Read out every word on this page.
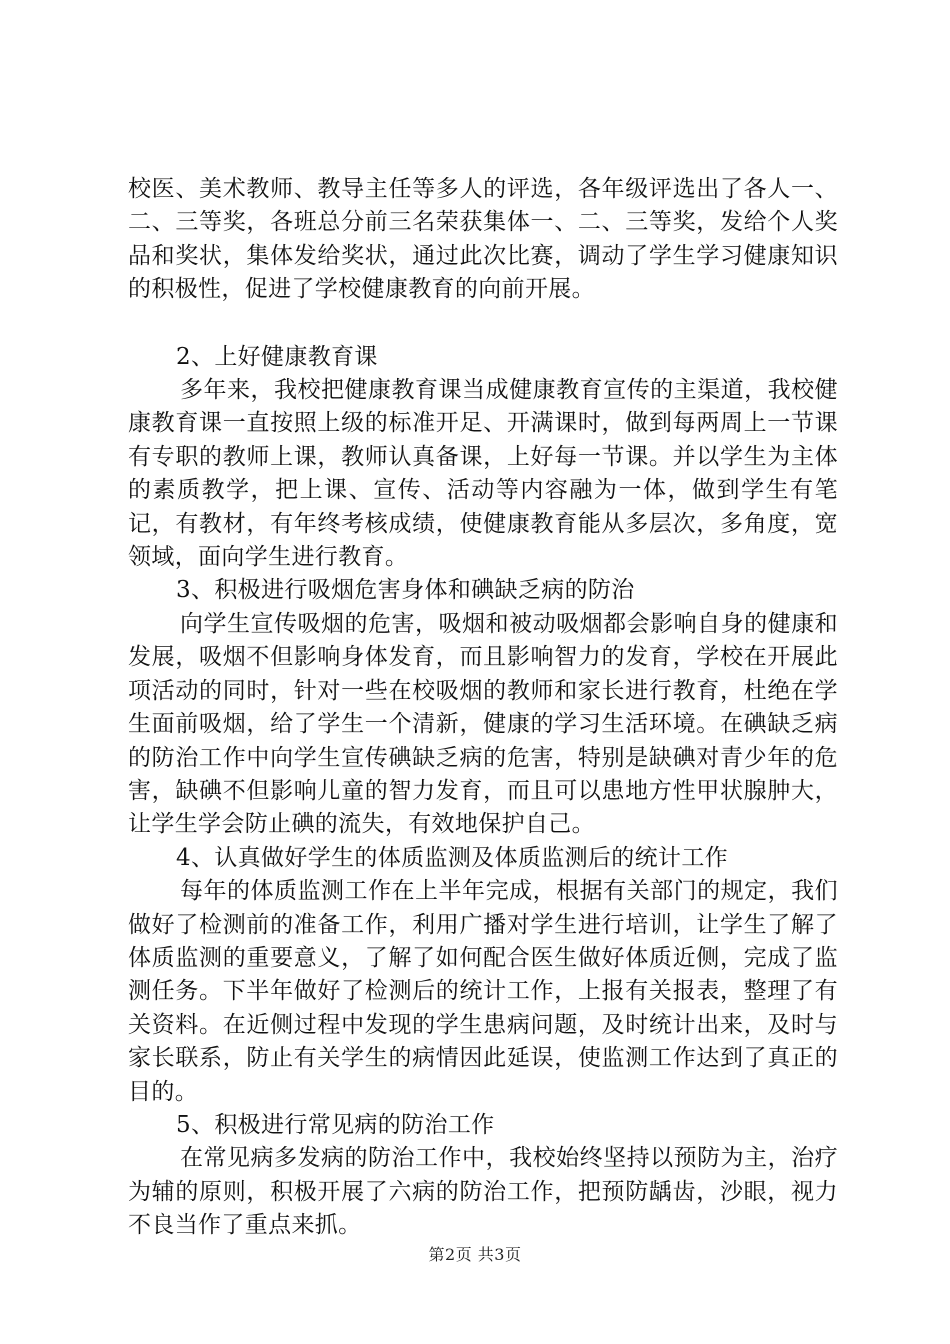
校医、美术教师、教导主任等多人的评选，各年级评选出了各人一、二、三等奖，各班总分前三名荣获集体一、二、三等奖，发给个人奖品和奖状，集体发给奖状，通过此次比赛，调动了学生学习健康知识的积极性，促进了学校健康教育的向前开展。

2、上好健康教育课

多年来，我校把健康教育课当成健康教育宣传的主渠道，我校健康教育课一直按照上级的标准开足、开满课时，做到每两周上一节课有专职的教师上课，教师认真备课，上好每一节课。并以学生为主体的素质教学，把上课、宣传、活动等内容融为一体，做到学生有笔记，有教材，有年终考核成绩，使健康教育能从多层次，多角度，宽领域，面向学生进行教育。

3、积极进行吸烟危害身体和碘缺乏病的防治

向学生宣传吸烟的危害，吸烟和被动吸烟都会影响自身的健康和发展，吸烟不但影响身体发育，而且影响智力的发育，学校在开展此项活动的同时，针对一些在校吸烟的教师和家长进行教育，杜绝在学生面前吸烟，给了学生一个清新，健康的学习生活环境。在碘缺乏病的防治工作中向学生宣传碘缺乏病的危害，特别是缺碘对青少年的危害，缺碘不但影响儿童的智力发育，而且可以患地方性甲状腺肿大，让学生学会防止碘的流失，有效地保护自己。

4、认真做好学生的体质监测及体质监测后的统计工作

每年的体质监测工作在上半年完成，根据有关部门的规定，我们做好了检测前的准备工作，利用广播对学生进行培训，让学生了解了体质监测的重要意义，了解了如何配合医生做好体质近侧，完成了监测任务。下半年做好了检测后的统计工作，上报有关报表，整理了有关资料。在近侧过程中发现的学生患病问题，及时统计出来，及时与家长联系，防止有关学生的病情因此延误，使监测工作达到了真正的目的。

5、积极进行常见病的防治工作

在常见病多发病的防治工作中，我校始终坚持以预防为主，治疗为辅的原则，积极开展了六病的防治工作，把预防龋齿，沙眼，视力不良当作了重点来抓。

第2页 共3页
